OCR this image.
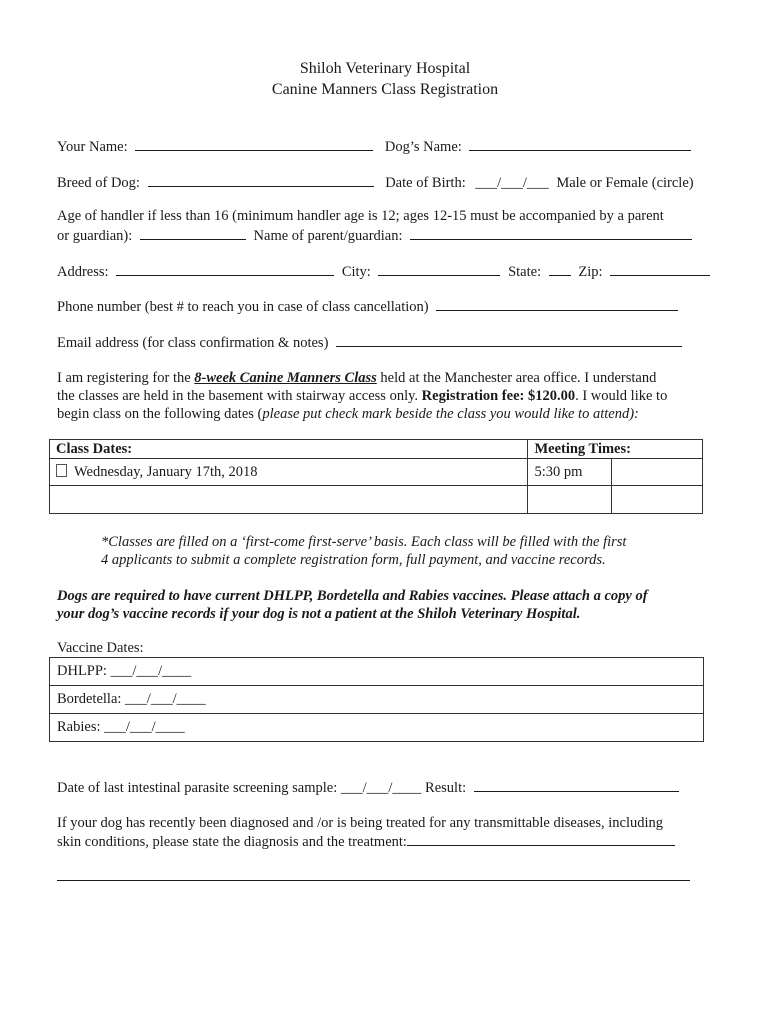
Shiloh Veterinary Hospital
Canine Manners Class Registration
Your Name:	Dog’s Name:
Breed of Dog:	Date of Birth: ___/___/___ Male or Female (circle)
Age of handler if less than 16 (minimum handler age is 12; ages 12-15 must be accompanied by a parent
or guardian):	Name of parent/guardian:
Address:	City:	State:	Zip:
Phone number (best # to reach you in case of class cancellation)
Email address (for class confirmation & notes)
I am registering for the 8-week Canine Manners Class held at the Manchester area office. I understand
the classes are held in the basement with stairway access only. Registration fee: $120.00. I would like to
begin class on the following dates (please put check mark beside the class you would like to attend):
Class Dates:	Meeting Times:	
Wednesday, January 17th, 2018	5:30 pm	

*Classes are filled on a ‘first-come first-serve’ basis. Each class will be filled with the first
4 applicants to submit a complete registration form, full payment, and vaccine records.
Dogs are required to have current DHLPP, Bordetella and Rabies vaccines. Please attach a copy of
your dog’s vaccine records if your dog is not a patient at the Shiloh Veterinary Hospital.
Vaccine Dates:
DHLPP: ___/___/____
Bordetella: ___/___/____
Rabies: ___/___/____
Date of last intestinal parasite screening sample: ___/___/____ Result:
If your dog has recently been diagnosed and /or is being treated for any transmittable diseases, including
skin conditions, please state the diagnosis and the treatment:
